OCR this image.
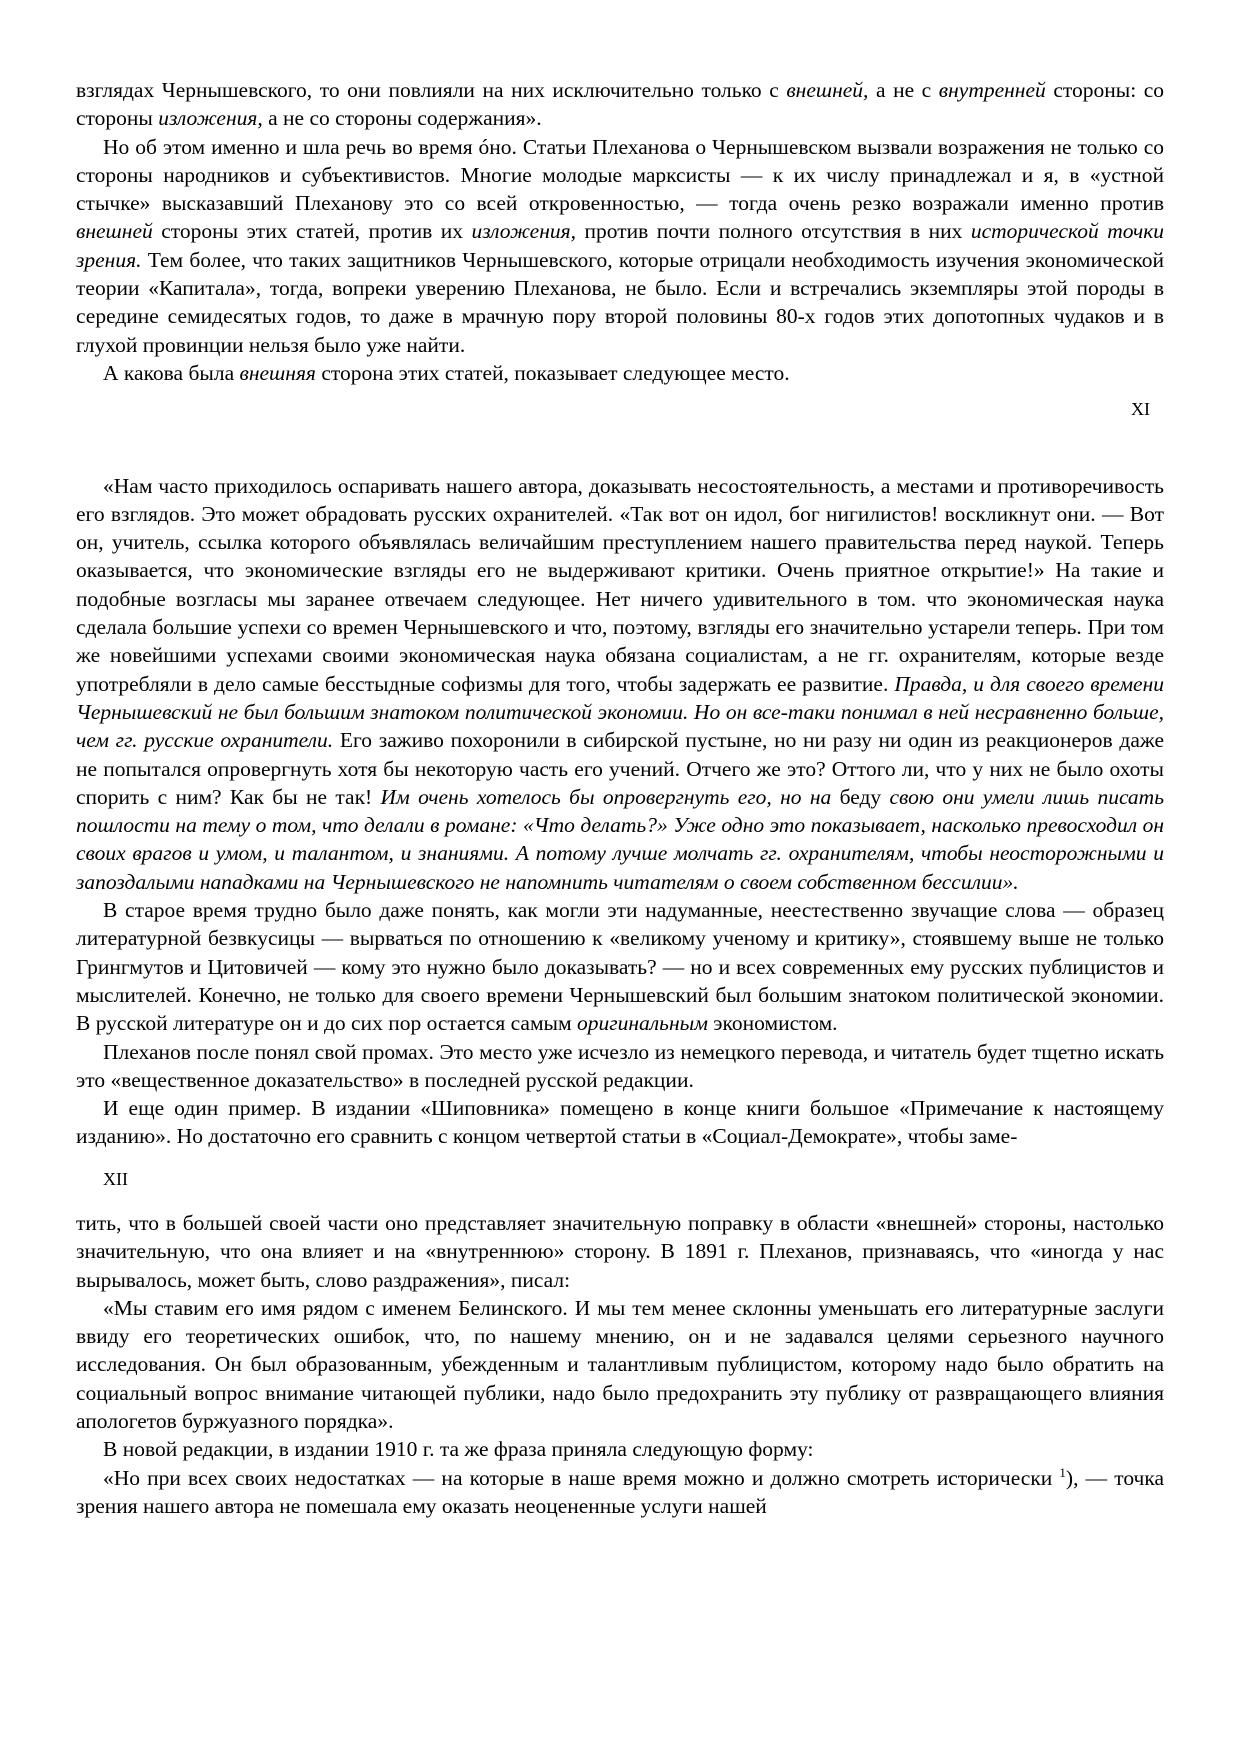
взглядах Чернышевского, то они повлияли на них исключительно только с внешней, а не с внутренней стороны: со стороны изложения, а не со стороны содержания».

Но об этом именно и шла речь во время óно. Статьи Плеханова о Чернышевском вызвали возражения не только со стороны народников и субъективистов. Многие молодые марксисты — к их числу принадлежал и я, в «устной стычке» высказавший Плеханову это со всей откровенностью, — тогда очень резко возражали именно против внешней стороны этих статей, против их изложения, против почти полного отсутствия в них исторической точки зрения. Тем более, что таких защитников Чернышевского, которые отрицали необходимость изучения экономической теории «Капитала», тогда, вопреки уверению Плеханова, не было. Если и встречались экземпляры этой породы в середине семидесятых годов, то даже в мрачную пору второй половины 80-х годов этих допотопных чудаков и в глухой провинции нельзя было уже найти.

А какова была внешняя сторона этих статей, показывает следующее место.

XI

«Нам часто приходилось оспаривать нашего автора, доказывать несостоятельность, а местами и противоречивость его взглядов. Это может обрадовать русских охранителей. «Так вот он идол, бог нигилистов! воскликнут они. — Вот он, учитель, ссылка которого объявлялась величайшим преступлением нашего правительства перед наукой. Теперь оказывается, что экономические взгляды его не выдерживают критики. Очень приятное открытие!» На такие и подобные возгласы мы заранее отвечаем следующее. Нет ничего удивительного в том. что экономическая наука сделала большие успехи со времен Чернышевского и что, поэтому, взгляды его значительно устарели теперь. При том же новейшими успехами своими экономическая наука обязана социалистам, а не гг. охранителям, которые везде употребляли в дело самые бесстыдные софизмы для того, чтобы задержать ее развитие. Правда, и для своего времени Чернышевский не был большим знатоком политической экономии. Но он все-таки понимал в ней несравненно больше, чем гг. русские охранители. Его заживо похоронили в сибирской пустыне, но ни разу ни один из реакционеров даже не попытался опровергнуть хотя бы некоторую часть его учений. Отчего же это? Оттого ли, что у них не было охоты спорить с ним? Как бы не так! Им очень хотелось бы опровергнуть его, но на беду свою они умели лишь писать пошлости на тему о том, что делали в романе: «Что делать?» Уже одно это показывает, насколько превосходил он своих врагов и умом, и талантом, и знаниями. А потому лучше молчать гг. охранителям, чтобы неосторожными и запоздалыми нападками на Чернышевского не напомнить читателям о своем собственном бессилии».

В старое время трудно было даже понять, как могли эти надуманные, неестественно звучащие слова — образец литературной безвкусицы — вырваться по отношению к «великому ученому и критику», стоявшему выше не только Грингмутов и Цитовичей — кому это нужно было доказывать? — но и всех современных ему русских публицистов и мыслителей. Конечно, не только для своего времени Чернышевский был большим знатоком политической экономии. В русской литературе он и до сих пор остается самым оригинальным экономистом.

Плеханов после понял свой промах. Это место уже исчезло из немецкого перевода, и читатель будет тщетно искать это «вещественное доказательство» в последней русской редакции.

И еще один пример. В издании «Шиповника» помещено в конце книги большое «Примечание к настоящему изданию». Но достаточно его сравнить с концом четвертой статьи в «Социал-Демократе», чтобы заме-

XII

тить, что в большей своей части оно представляет значительную поправку в области «внешней» стороны, настолько значительную, что она влияет и на «внутреннюю» сторону. В 1891 г. Плеханов, признаваясь, что «иногда у нас вырывалось, может быть, слово раздражения», писал:

«Мы ставим его имя рядом с именем Белинского. И мы тем менее склонны уменьшать его литературные заслуги ввиду его теоретических ошибок, что, по нашему мнению, он и не задавался целями серьезного научного исследования. Он был образованным, убежденным и талантливым публицистом, которому надо было обратить на социальный вопрос внимание читающей публики, надо было предохранить эту публику от развращающего влияния апологетов буржуазного порядка».

В новой редакции, в издании 1910 г. та же фраза приняла следующую форму:

«Но при всех своих недостатках — на которые в наше время можно и должно смотреть исторически $^1$), — точка зрения нашего автора не помешала ему оказать неоцененные услуги нашей
